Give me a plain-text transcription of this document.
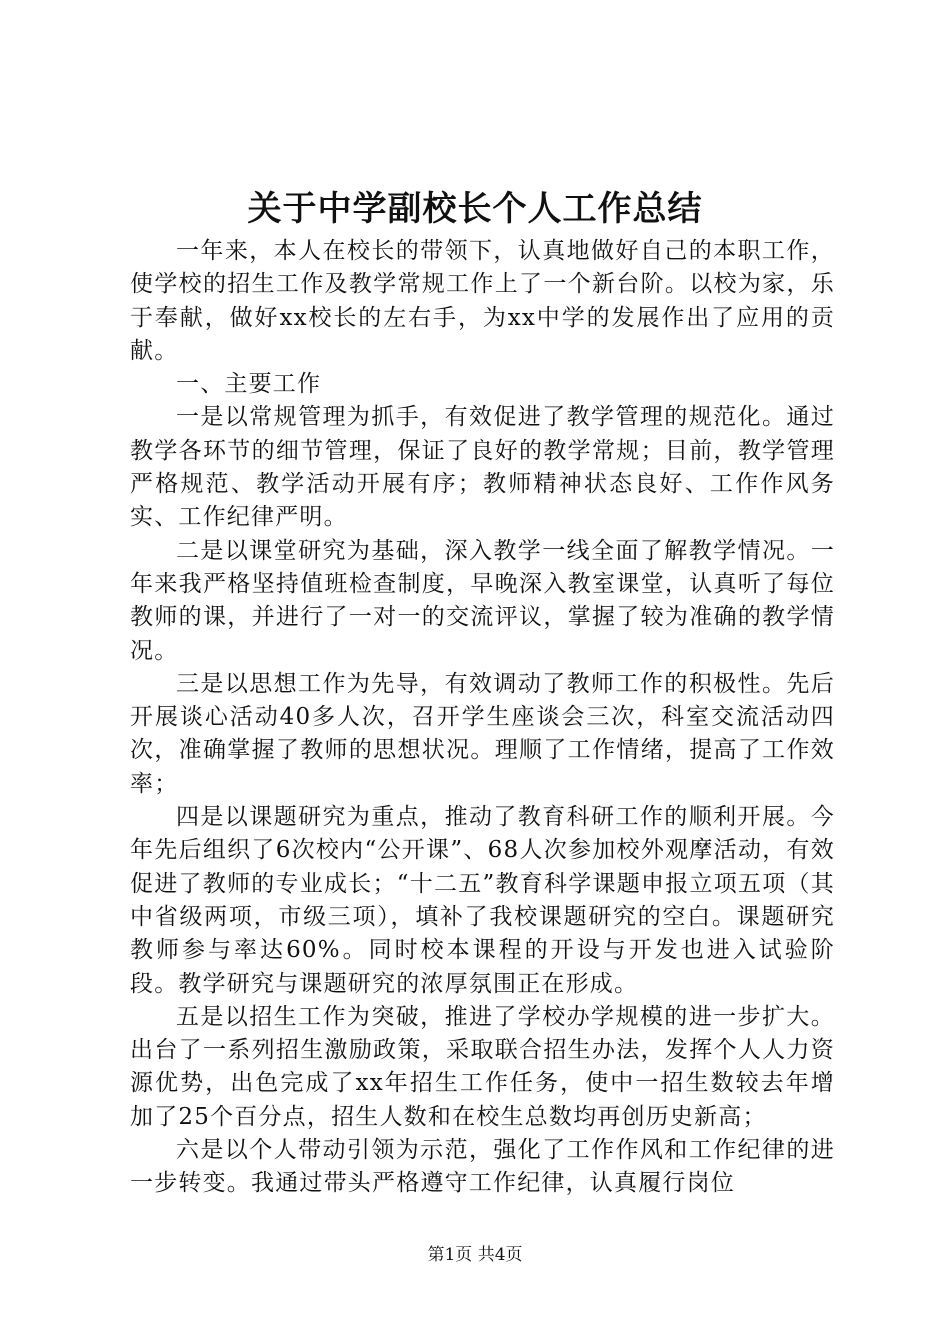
关于中学副校长个人工作总结

一年来，本人在校长的带领下，认真地做好自己的本职工作，使学校的招生工作及教学常规工作上了一个新台阶。以校为家，乐于奉献，做好xx校长的左右手，为xx中学的发展作出了应用的贡献。

一、主要工作

一是以常规管理为抓手，有效促进了教学管理的规范化。通过教学各环节的细节管理，保证了良好的教学常规；目前，教学管理严格规范、教学活动开展有序；教师精神状态良好、工作作风务实、工作纪律严明。

二是以课堂研究为基础，深入教学一线全面了解教学情况。一年来我严格坚持值班检查制度，早晚深入教室课堂，认真听了每位教师的课，并进行了一对一的交流评议，掌握了较为准确的教学情况。

三是以思想工作为先导，有效调动了教师工作的积极性。先后开展谈心活动40多人次，召开学生座谈会三次，科室交流活动四次，准确掌握了教师的思想状况。理顺了工作情绪，提高了工作效率；

四是以课题研究为重点，推动了教育科研工作的顺利开展。今年先后组织了6次校内“公开课”、68人次参加校外观摩活动，有效促进了教师的专业成长；“十二五”教育科学课题申报立项五项（其中省级两项，市级三项），填补了我校课题研究的空白。课题研究教师参与率达60%。同时校本课程的开设与开发也进入试验阶段。教学研究与课题研究的浓厚氛围正在形成。

五是以招生工作为突破，推进了学校办学规模的进一步扩大。出台了一系列招生激励政策，采取联合招生办法，发挥个人人力资源优势，出色完成了xx年招生工作任务，使中一招生数较去年增加了25个百分点，招生人数和在校生总数均再创历史新高；

六是以个人带动引领为示范，强化了工作作风和工作纪律的进一步转变。我通过带头严格遵守工作纪律，认真履行岗位

第1页 共4页
